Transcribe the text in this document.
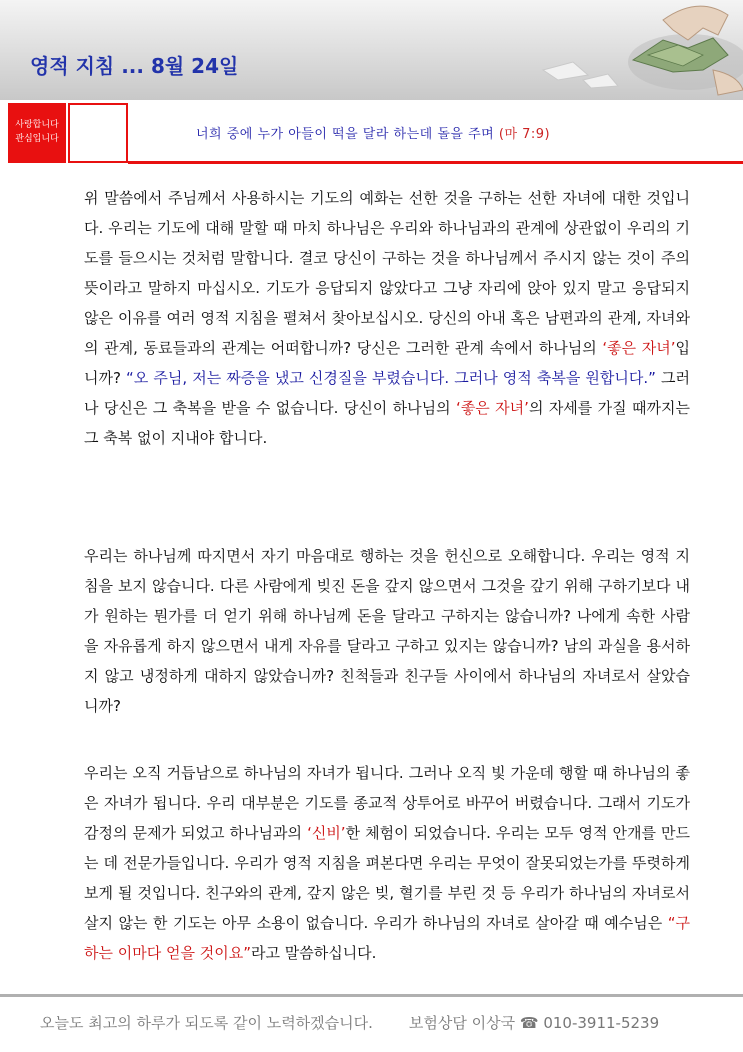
영적 지침 ... 8월 24일
사랑합니다
관심입니다	너희 중에 누가 아들이 떡을 달라 하는데 돌을 주며 (마 7:9)

위 말씀에서 주님께서 사용하시는 기도의 예화는 선한 것을 구하는 선한 자녀에 대한 것입니다. 우리는 기도에 대해 말할 때 마치 하나님은 우리와 하나님과의 관계에 상관없이 우리의 기도를 들으시는 것처럼 말합니다. 결코 당신이 구하는 것을 하나님께서 주시지 않는 것이 주의 뜻이라고 말하지 마십시오. 기도가 응답되지 않았다고 그냥 자리에 앉아 있지 말고 응답되지 않은 이유를 여러 영적 지침을 펼쳐서 찾아보십시오. 당신의 아내 혹은 남편과의 관계, 자녀와의 관계, 동료들과의 관계는 어떠합니까? 당신은 그러한 관계 속에서 하나님의 ‘좋은 자녀’입니까? “오 주님, 저는 짜증을 냈고 신경질을 부렸습니다. 그러나 영적 축복을 원합니다.” 그러나 당신은 그 축복을 받을 수 없습니다. 당신이 하나님의 ‘좋은 자녀’의 자세를 가질 때까지는 그 축복 없이 지내야 합니다.

우리는 하나님께 따지면서 자기 마음대로 행하는 것을 헌신으로 오해합니다. 우리는 영적 지침을 보지 않습니다. 다른 사람에게 빚진 돈을 갚지 않으면서 그것을 갚기 위해 구하기보다 내가 원하는 뭔가를 더 얻기 위해 하나님께 돈을 달라고 구하지는 않습니까? 나에게 속한 사람을 자유롭게 하지 않으면서 내게 자유를 달라고 구하고 있지는 않습니까? 남의 과실을 용서하지 않고 냉정하게 대하지 않았습니까? 친척들과 친구들 사이에서 하나님의 자녀로서 살았습니까?

우리는 오직 거듭남으로 하나님의 자녀가 됩니다. 그러나 오직 빛 가운데 행할 때 하나님의 좋은 자녀가 됩니다. 우리 대부분은 기도를 종교적 상투어로 바꾸어 버렸습니다. 그래서 기도가 감정의 문제가 되었고 하나님과의 ‘신비’한 체험이 되었습니다. 우리는 모두 영적 안개를 만드는 데 전문가들입니다. 우리가 영적 지침을 펴본다면 우리는 무엇이 잘못되었는가를 뚜렷하게 보게 될 것입니다. 친구와의 관계, 갚지 않은 빚, 혈기를 부린 것 등 우리가 하나님의 자녀로서 살지 않는 한 기도는 아무 소용이 없습니다. 우리가 하나님의 자녀로 살아갈 때 예수님은 “구하는 이마다 얻을 것이요”라고 말씀하십니다.

오늘도 최고의 하루가 되도록 같이 노력하겠습니다. 보험상담 이상국 ☎ 010-3911-5239
